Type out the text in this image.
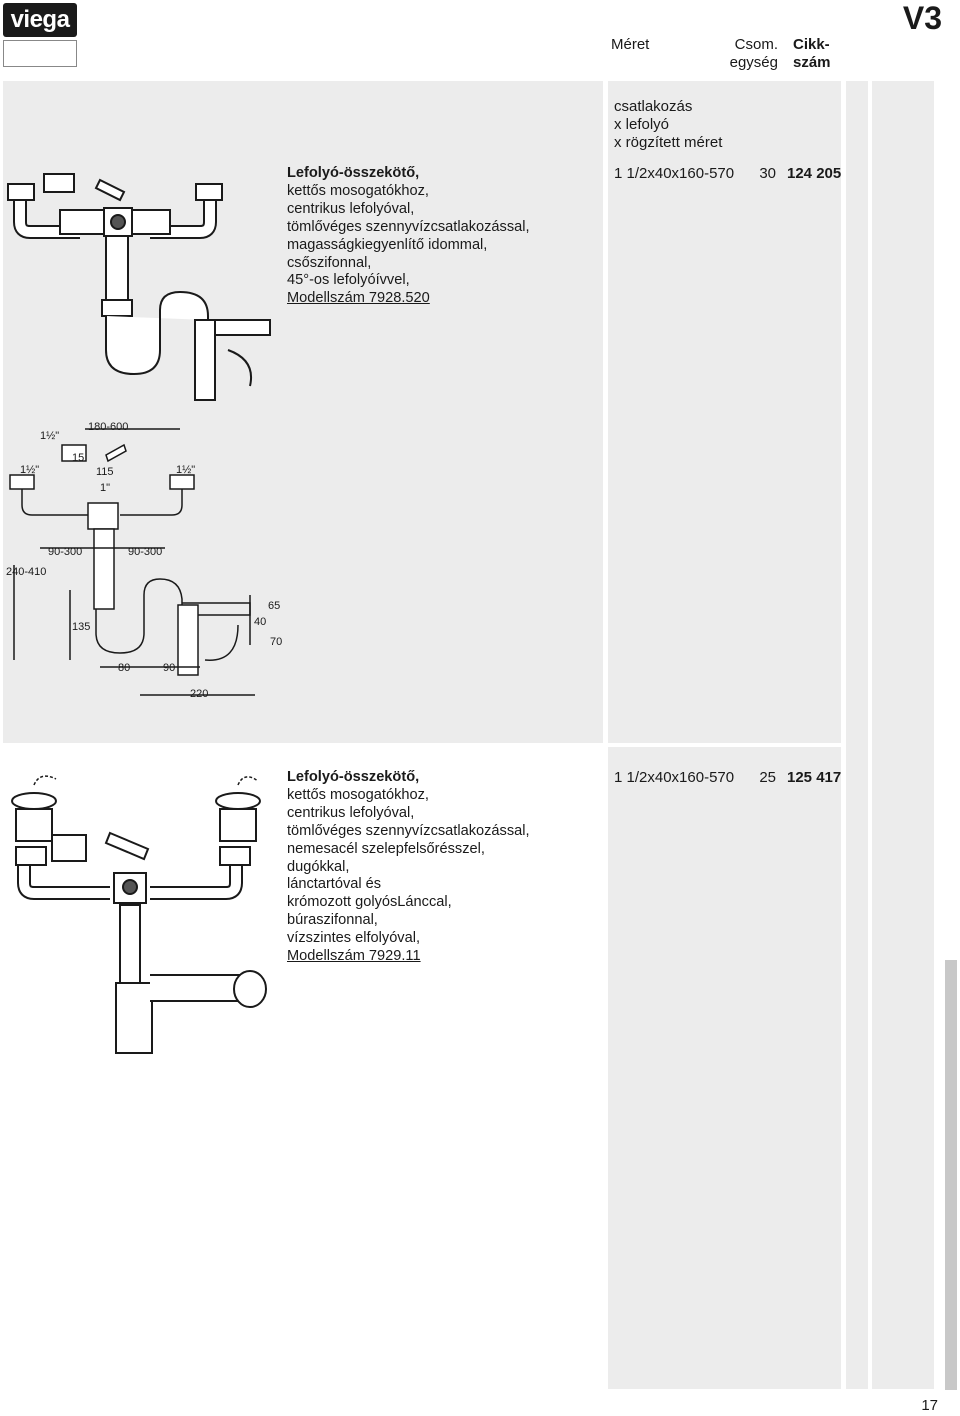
viega
Méret	Csom.
egység
Cikk-
szám
V3
csatlakozás
x lefolyó
x rögzített méret
Lefolyó-összekötő,
kettős mosogatókhoz,
centrikus lefolyóval,
tömlővéges szennyvízcsatlakozással,
magasságkiegyenlítő idommal,
csőszifonnal,
45°-os lefolyóívvel,
Modellszám 7928.520
1 1/2x40x160-570	30 124 205
Lefolyó-összekötő,
kettős mosogatókhoz,
centrikus lefolyóval,
tömlővéges szennyvízcsatlakozással,
nemesacél szelepfelsőrésszel,
dugókkal,
lánctartóval és
krómozott golyósLánccal,
búraszifonnal,
vízszintes elfolyóval,
Modellszám 7929.11
1 1/2x40x160-570	25 125 417
1½"
180-600
15
1½"	115	1½"
1"
90-300	90-300
240-410
135
65
40
70
80	90
220
17
